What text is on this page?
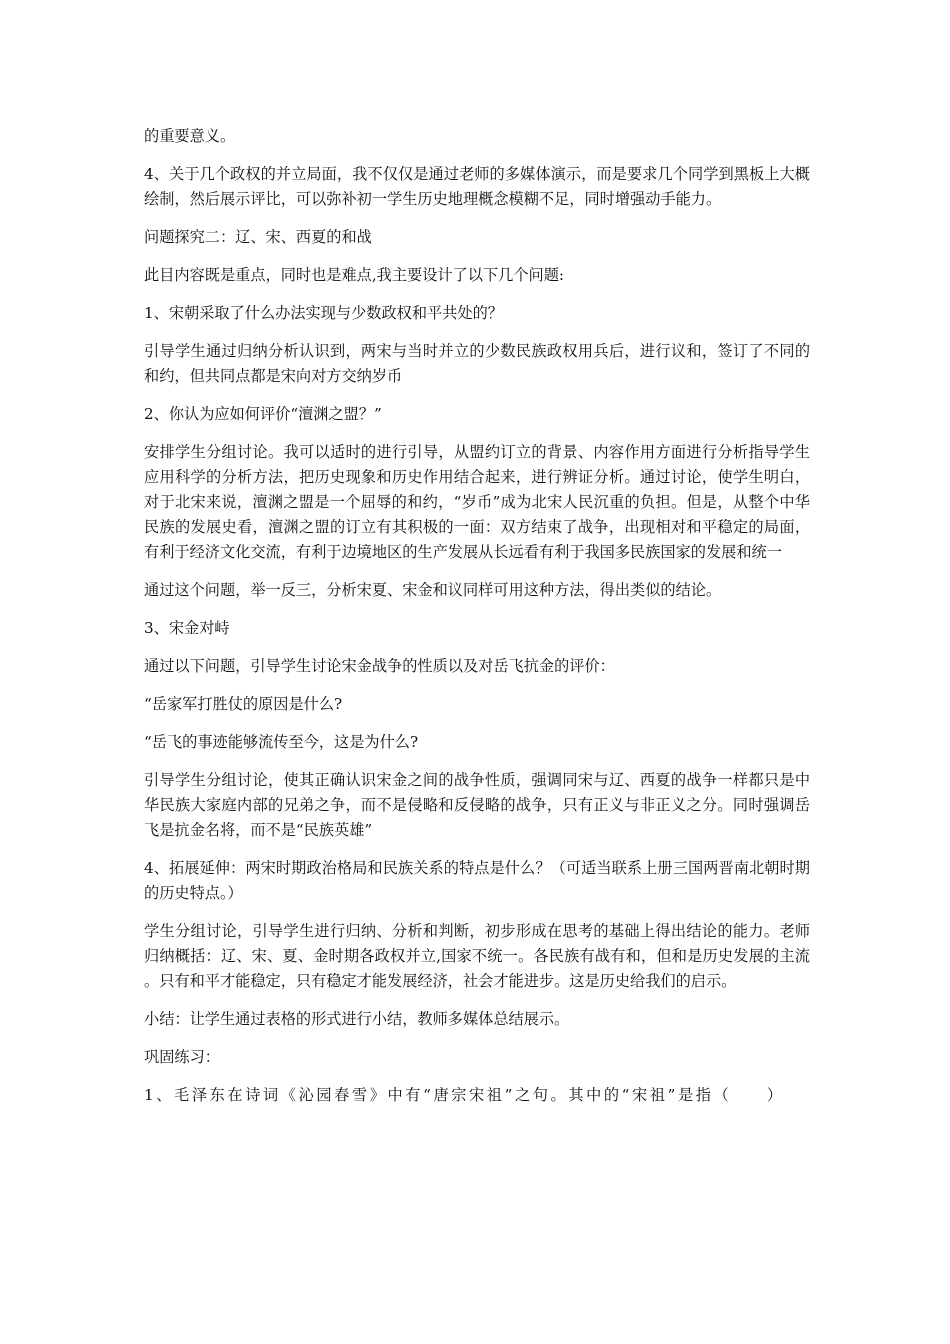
的重要意义。

4、关于几个政权的并立局面，我不仅仅是通过老师的多媒体演示，而是要求几个同学到黑板上大概绘制，然后展示评比，可以弥补初一学生历史地理概念模糊不足，同时增强动手能力。

问题探究二：辽、宋、西夏的和战

此目内容既是重点，同时也是难点,我主要设计了以下几个问题:

1、宋朝采取了什么办法实现与少数政权和平共处的？

引导学生通过归纳分析认识到，两宋与当时并立的少数民族政权用兵后，进行议和，签订了不同的和约，但共同点都是宋向对方交纳岁币

2、你认为应如何评价“澶渊之盟？”

安排学生分组讨论。我可以适时的进行引导，从盟约订立的背景、内容作用方面进行分析指导学生应用科学的分析方法，把历史现象和历史作用结合起来，进行辨证分析。通过讨论，使学生明白，对于北宋来说，澶渊之盟是一个屈辱的和约，“岁币”成为北宋人民沉重的负担。但是，从整个中华民族的发展史看，澶渊之盟的订立有其积极的一面：双方结束了战争，出现相对和平稳定的局面，有利于经济文化交流，有利于边境地区的生产发展从长远看有利于我国多民族国家的发展和统一

通过这个问题，举一反三，分析宋夏、宋金和议同样可用这种方法，得出类似的结论。

3、宋金对峙

通过以下问题，引导学生讨论宋金战争的性质以及对岳飞抗金的评价：

“岳家军打胜仗的原因是什么?

“岳飞的事迹能够流传至今，这是为什么?

引导学生分组讨论，使其正确认识宋金之间的战争性质，强调同宋与辽、西夏的战争一样都只是中华民族大家庭内部的兄弟之争，而不是侵略和反侵略的战争，只有正义与非正义之分。同时强调岳飞是抗金名将，而不是“民族英雄”

4、拓展延伸：两宋时期政治格局和民族关系的特点是什么？（可适当联系上册三国两晋南北朝时期的历史特点。）

学生分组讨论，引导学生进行归纳、分析和判断，初步形成在思考的基础上得出结论的能力。老师归纳概括：辽、宋、夏、金时期各政权并立,国家不统一。各民族有战有和，但和是历史发展的主流。只有和平才能稳定，只有稳定才能发展经济，社会才能进步。这是历史给我们的启示。

小结：让学生通过表格的形式进行小结，教师多媒体总结展示。

巩固练习：

1、毛泽东在诗词《沁园春雪》中有“唐宗宋祖”之句。其中的“宋祖”是指（　　）
